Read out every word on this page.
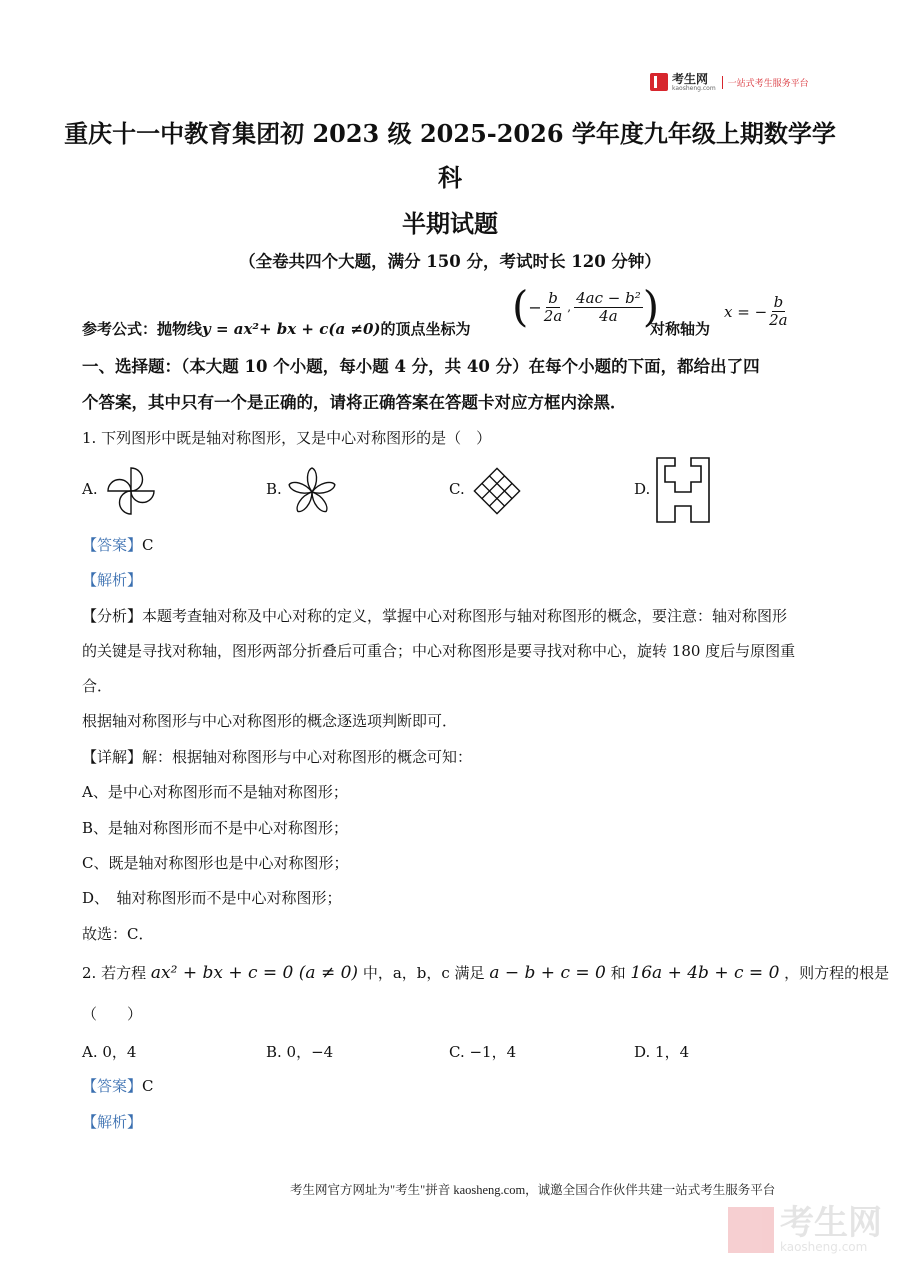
考生网
kaosheng.com	一站式考生服务平台
重庆十一中教育集团初 2023 级 2025-2026 学年度九年级上期数学学
科
半期试题
（全卷共四个大题，满分 150 分，考试时长 120 分钟）
参考公式：抛物线y = ax²+ bx + c(a ≠0)的顶点坐标为 ( − $\frac{b}{2a}$ , $\frac{\text{4ac − b²}}{4a}$ )
对称轴为
x = − $\frac{b}{2a}$
一、选择题：（本大题 10 个小题，每小题 4 分，共 40 分）在每个小题的下面，都给出了四
个答案，其中只有一个是正确的，请将正确答案在答题卡对应方框内涂黑．
1. 下列图形中既是轴对称图形，又是中心对称图形的是（　）
A.	B.	C.	D.
【答案】C
【解析】
【分析】本题考查轴对称及中心对称的定义，掌握中心对称图形与轴对称图形的概念，要注意：轴对称图形
的关键是寻找对称轴，图形两部分折叠后可重合；中心对称图形是要寻找对称中心，旋转 180 度后与原图重
合．
根据轴对称图形与中心对称图形的概念逐选项判断即可．
【详解】解：根据轴对称图形与中心对称图形的概念可知：
A、是中心对称图形而不是轴对称图形；
B、是轴对称图形而不是中心对称图形；
C、既是轴对称图形也是中心对称图形；
D、　轴对称图形而不是中心对称图形；
故选：C．
2. 若方程 ax² + bx + c = 0 (a ≠ 0) 中，a，b，c 满足 a − b + c = 0 和 16a + 4b + c = 0 ，则方程的根是
（　　）
A. 0，4	B. 0，−4	C. −1，4	D. 1，4
【答案】C
【解析】
考生网官方网址为"考生"拼音 kaosheng.com，诚邀全国合作伙伴共建一站式考生服务平台
考生网
kaosheng.com
